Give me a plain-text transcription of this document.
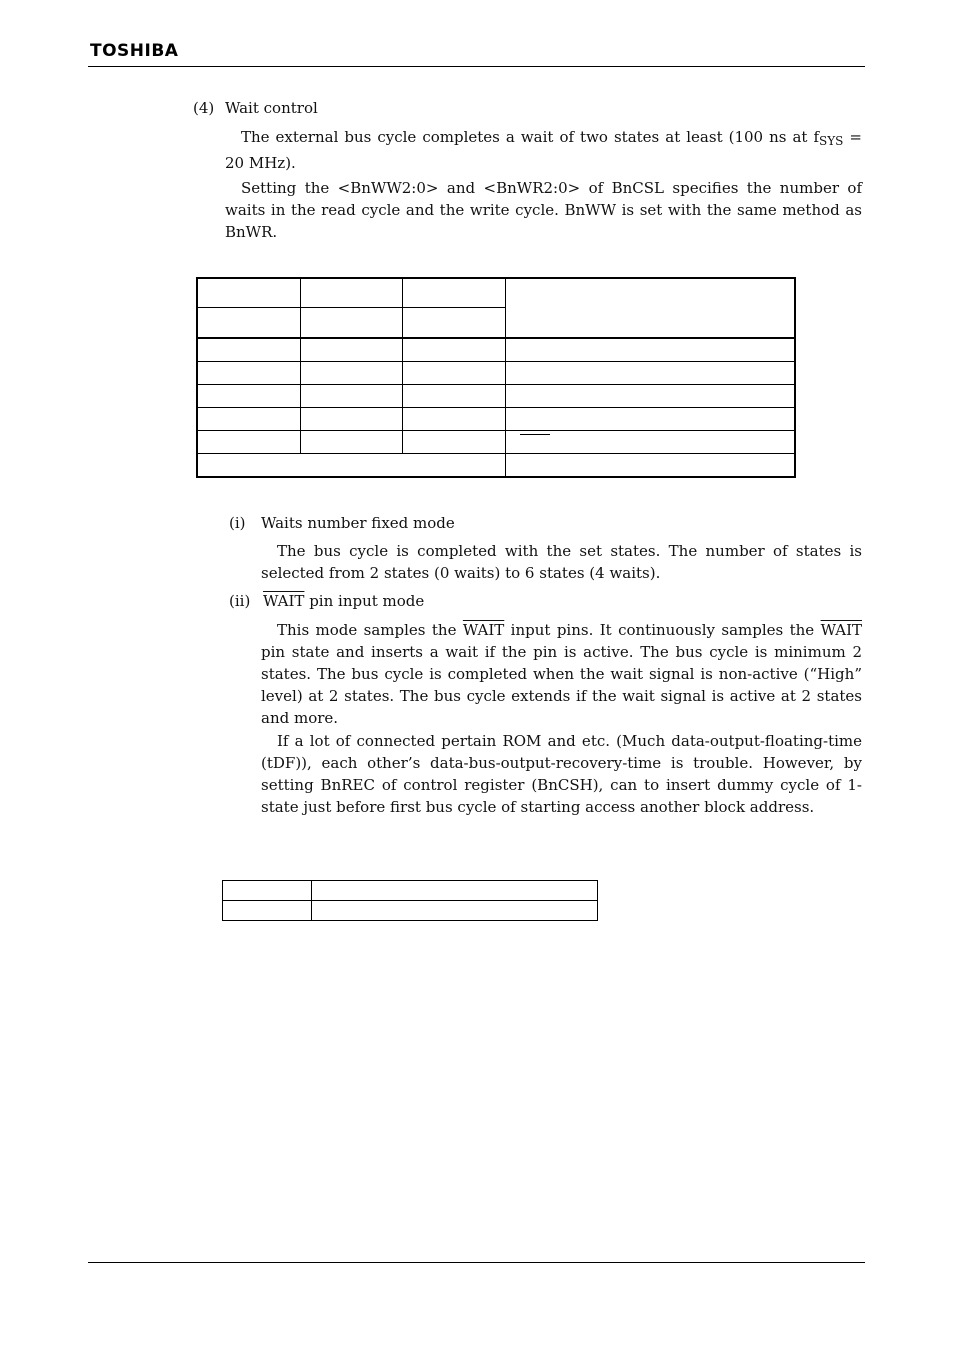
TOSHIBA
(4) Wait control
The external bus cycle completes a wait of two states at least (100 ns at $f_{SYS} = 20$ MHz).
Setting the <BnWW2:0> and <BnWR2:0> of BnCSL specifies the number of waits in the read cycle and the write cycle. BnWW is set with the same method as BnWR.

(i) Waits number fixed mode
The bus cycle is completed with the set states. The number of states is selected from 2 states (0 waits) to 6 states (4 waits).
(ii) WAIT pin input mode
This mode samples the WAIT input pins. It continuously samples the WAIT pin state and inserts a wait if the pin is active. The bus cycle is minimum 2 states. The bus cycle is completed when the wait signal is non-active (“High” level) at 2 states. The bus cycle extends if the wait signal is active at 2 states and more.
If a lot of connected pertain ROM and etc. (Much data-output-floating-time (tDF)), each other’s data-bus-output-recovery-time is trouble. However, by setting BnREC of control register (BnCSH), can to insert dummy cycle of 1-state just before first bus cycle of starting access another block address.
